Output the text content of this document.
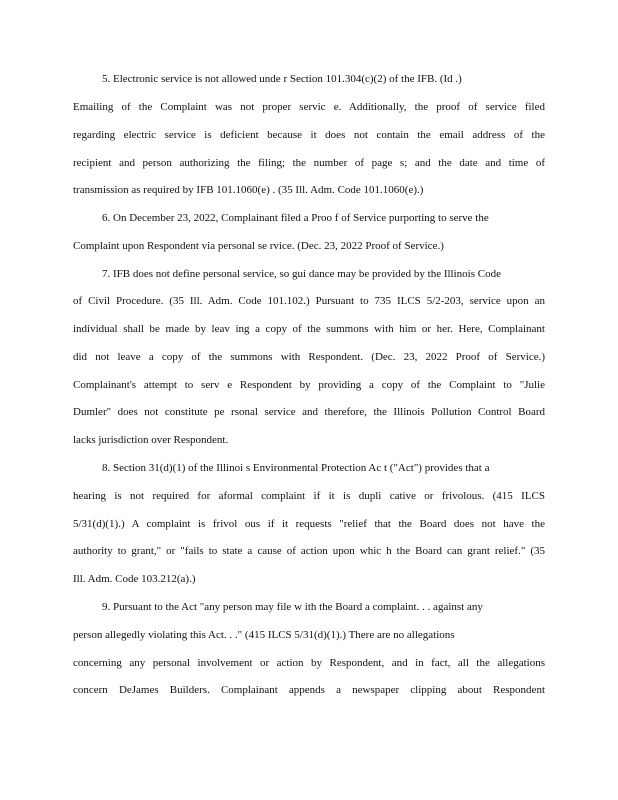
5. Electronic service is not allowed unde r Section 101.304(c)(2) of the IFB. (Id .)
Emailing of the Complaint was not proper servic e. Additionally, the proof of service filed
regarding electric service is deficient because it does not contain the email address of the
recipient and person authorizing the filing; the number of page s; and the date and time of
transmission as required by IFB 101.1060(e) . (35 Ill. Adm. Code 101.1060(e).)
6. On December 23, 2022, Complainant filed a Proo f of Service purporting to serve the
Complaint upon Respondent via personal se rvice. (Dec. 23, 2022 Proof of Service.)
7. IFB does not define personal service, so gui dance may be provided by the Illinois Code
of Civil Procedure. (35 Ill. Adm. Code 101.102.) Pursuant to 735 ILCS 5/2-203, service upon an
individual shall be made by leav ing a copy of the summons with him or her. Here, Complainant
did not leave a copy of the summons with Respondent. (Dec. 23, 2022 Proof of Service.)
Complainant's attempt to serv e Respondent by providing a copy of the Complaint to "Julie
Dumler" does not constitute pe rsonal service and therefore, the Illinois Pollution Control Board
lacks jurisdiction over Respondent.
8. Section 31(d)(1) of the Illinoi s Environmental Protection Ac t ("Act") provides that a
hearing is not required for aformal complaint if it is dupli cative or frivolous. (415 ILCS
5/31(d)(1).) A complaint is frivol ous if it requests "relief that the Board does not have the
authority to grant," or "fails to state a cause of action upon whic h the Board can grant relief." (35
Ill. Adm. Code 103.212(a).)
9. Pursuant to the Act "any person may file w ith the Board a complaint. . . against any
person allegedly violating this Act. . ." (415 ILCS 5/31(d)(1).) There are no allegations
concerning any personal involvement or action by Respondent, and in fact, all the allegations
concern DeJames Builders. Complainant appends a newspaper clipping about Respondent
